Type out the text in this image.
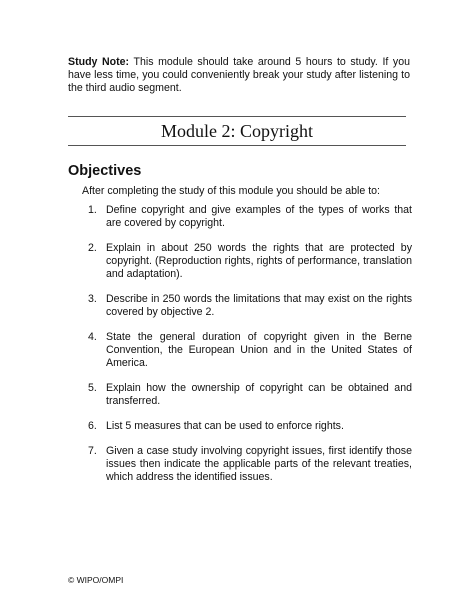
Study Note: This module should take around 5 hours to study. If you have less time, you could conveniently break your study after listening to the third audio segment.
Module 2: Copyright
Objectives
After completing the study of this module you should be able to:
1. Define copyright and give examples of the types of works that are covered by copyright.
2. Explain in about 250 words the rights that are protected by copyright. (Reproduction rights, rights of performance, translation and adaptation).
3. Describe in 250 words the limitations that may exist on the rights covered by objective 2.
4. State the general duration of copyright given in the Berne Convention, the European Union and in the United States of America.
5. Explain how the ownership of copyright can be obtained and transferred.
6. List 5 measures that can be used to enforce rights.
7. Given a case study involving copyright issues, first identify those issues then indicate the applicable parts of the relevant treaties, which address the identified issues.
© WIPO/OMPI
